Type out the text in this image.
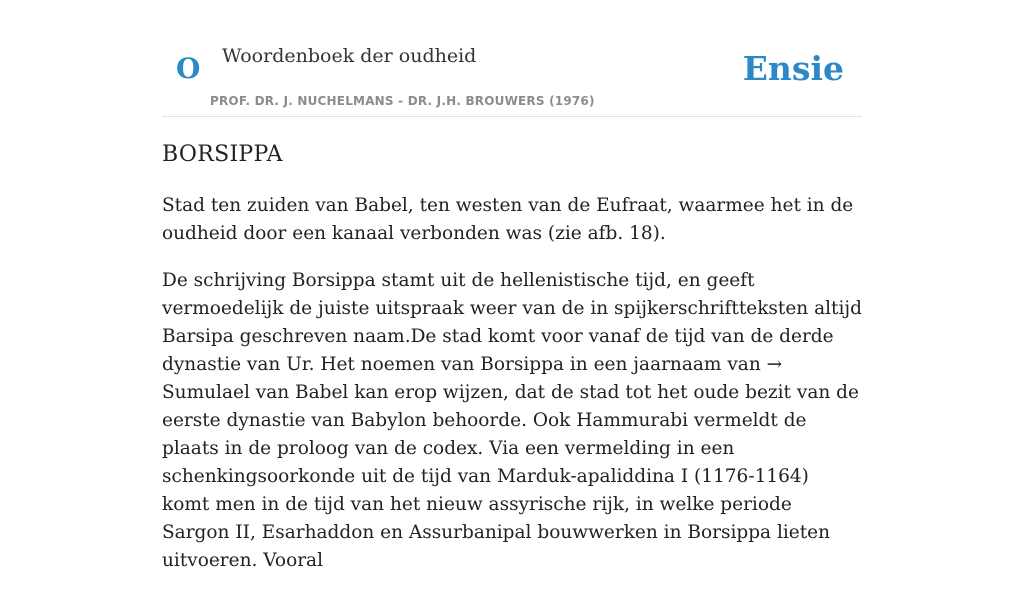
O Woordenboek der oudheid
PROF. DR. J. NUCHELMANS - DR. J.H. BROUWERS (1976)
Ensie
BORSIPPA

Stad ten zuiden van Babel, ten westen van de Eufraat, waarmee het in de oudheid door een kanaal verbonden was (zie afb. 18).

De schrijving Borsippa stamt uit de hellenistische tijd, en geeft vermoedelijk de juiste uitspraak weer van de in spijkerschriftteksten altijd Barsipa geschreven naam.De stad komt voor vanaf de tijd van de derde dynastie van Ur. Het noemen van Borsippa in een jaarnaam van → Sumulael van Babel kan erop wijzen, dat de stad tot het oude bezit van de eerste dynastie van Babylon behoorde. Ook Hammurabi vermeldt de plaats in de proloog van de codex. Via een vermelding in een schenkingsoorkonde uit de tijd van Marduk-apaliddina I (1176-1164) komt men in de tijd van het nieuw assyrische rijk, in welke periode Sargon II, Esarhaddon en Assurbanipal bouwwerken in Borsippa lieten uitvoeren. Vooral
